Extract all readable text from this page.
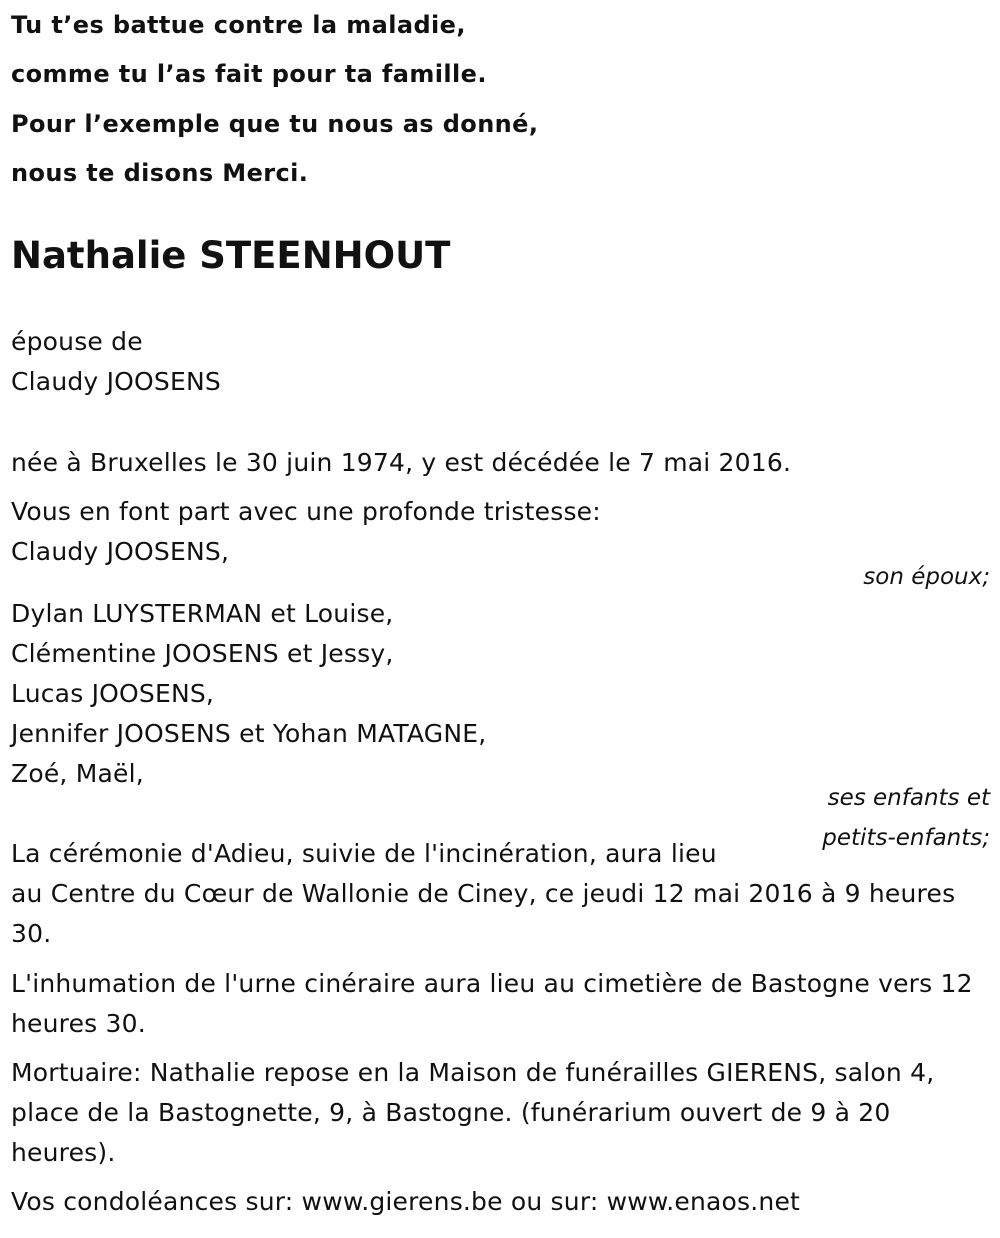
Tu t’es battue contre la maladie,
comme tu l’as fait pour ta famille.
Pour l’exemple que tu nous as donné,
nous te disons Merci.
Nathalie STEENHOUT
épouse de
Claudy JOOSENS
née à Bruxelles le 30 juin 1974, y est décédée le 7 mai 2016.
Vous en font part avec une profonde tristesse:
Claudy JOOSENS,
son époux;
Dylan LUYSTERMAN et Louise,
Clémentine JOOSENS et Jessy,
Lucas JOOSENS,
Jennifer JOOSENS et Yohan MATAGNE,
Zoé, Maël,
ses enfants et
petits-enfants;
La cérémonie d'Adieu, suivie de l'incinération, aura lieu
au Centre du Cœur de Wallonie de Ciney, ce jeudi 12 mai 2016 à 9 heures 30.
L'inhumation de l'urne cinéraire aura lieu au cimetière de Bastogne vers 12 heures 30.
Mortuaire: Nathalie repose en la Maison de funérailles GIERENS, salon 4, place de la Bastognette, 9, à Bastogne. (funérarium ouvert de 9 à 20 heures).
Vos condoléances sur: www.gierens.be ou sur: www.enaos.net
